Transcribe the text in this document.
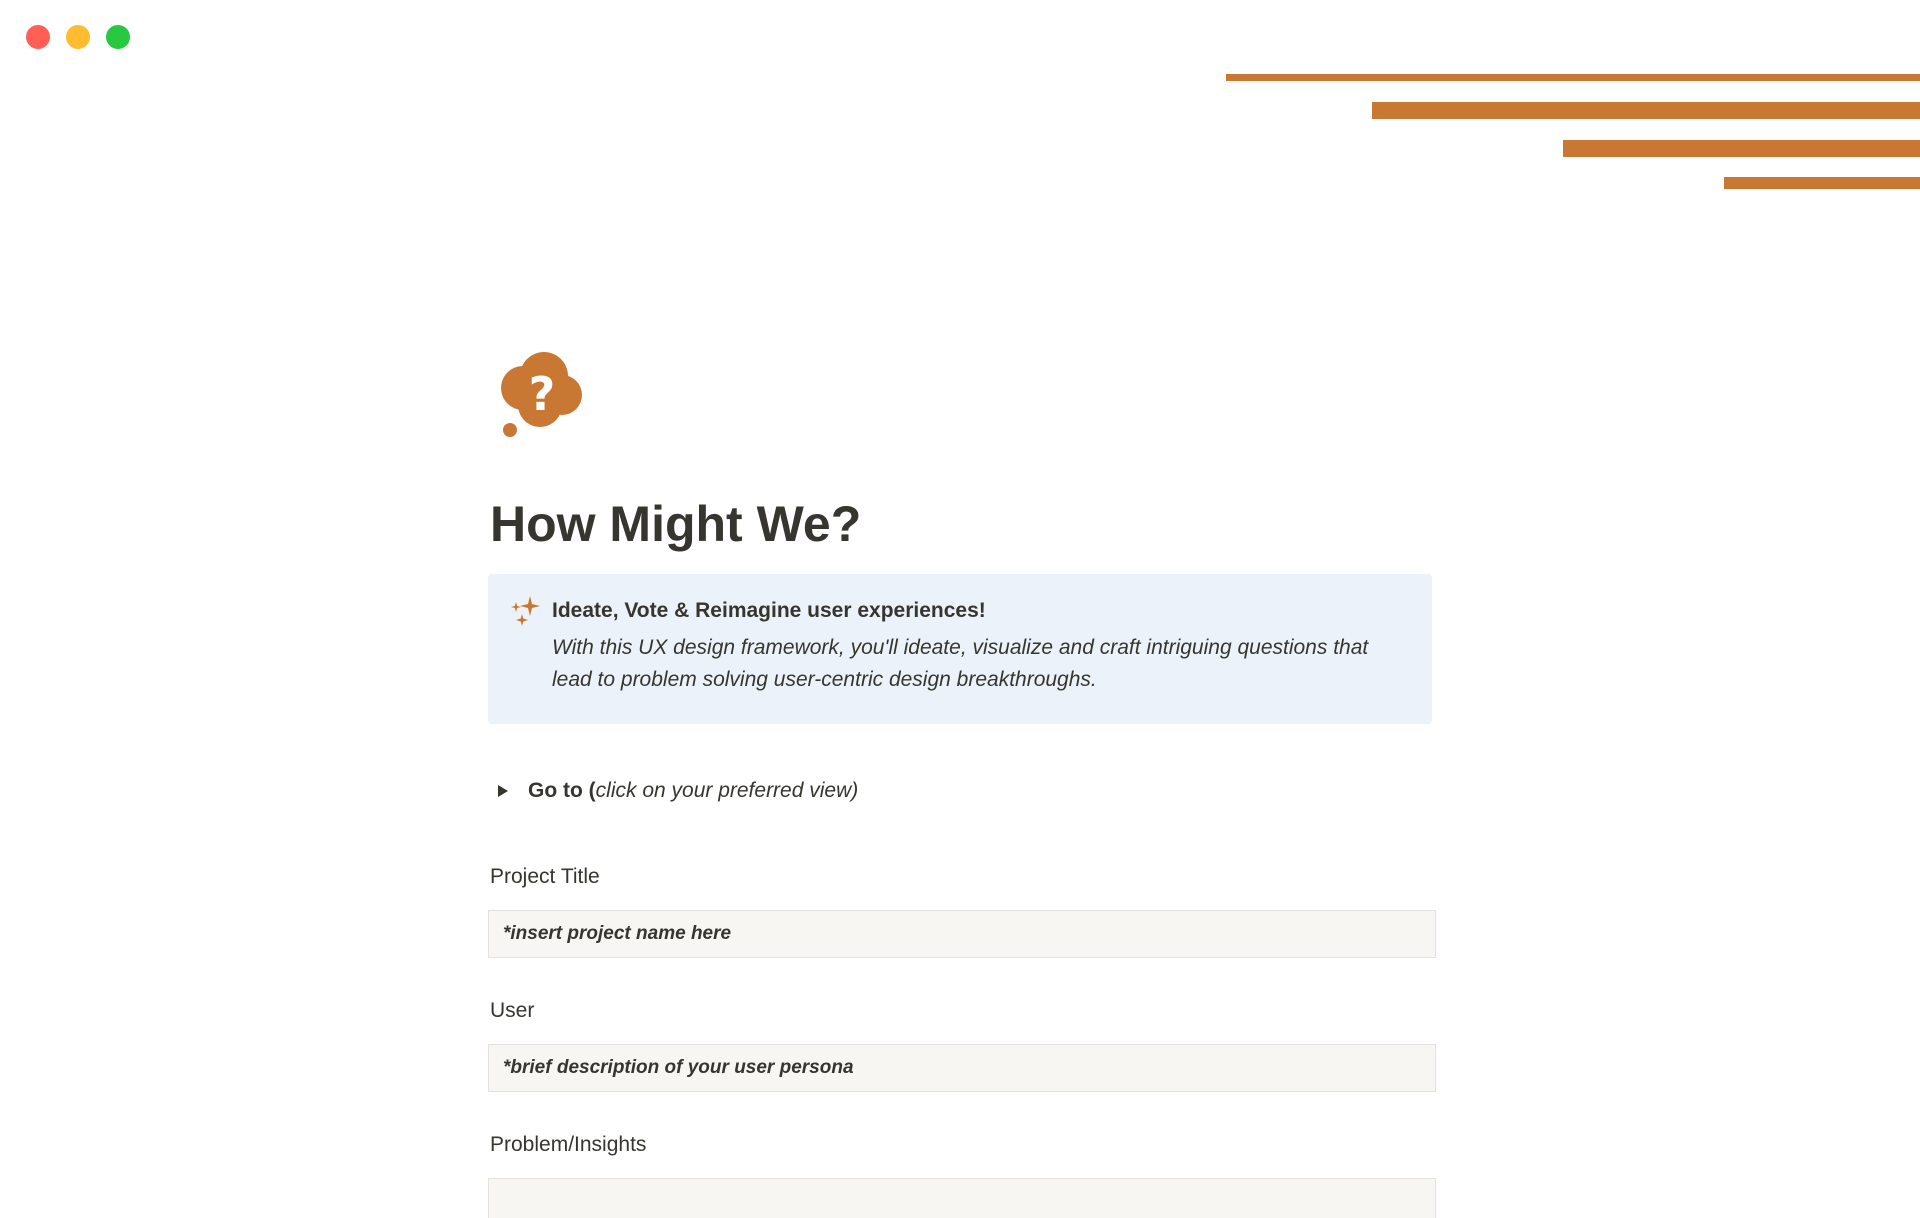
?
How Might We?
Ideate, Vote & Reimagine user experiences!
With this UX design framework, you'll ideate, visualize and craft intriguing questions that lead to problem solving user-centric design breakthroughs.
Go to ( click on your preferred view)
Project Title
*insert project name here
User
*brief description of your user persona
Problem/Insights
